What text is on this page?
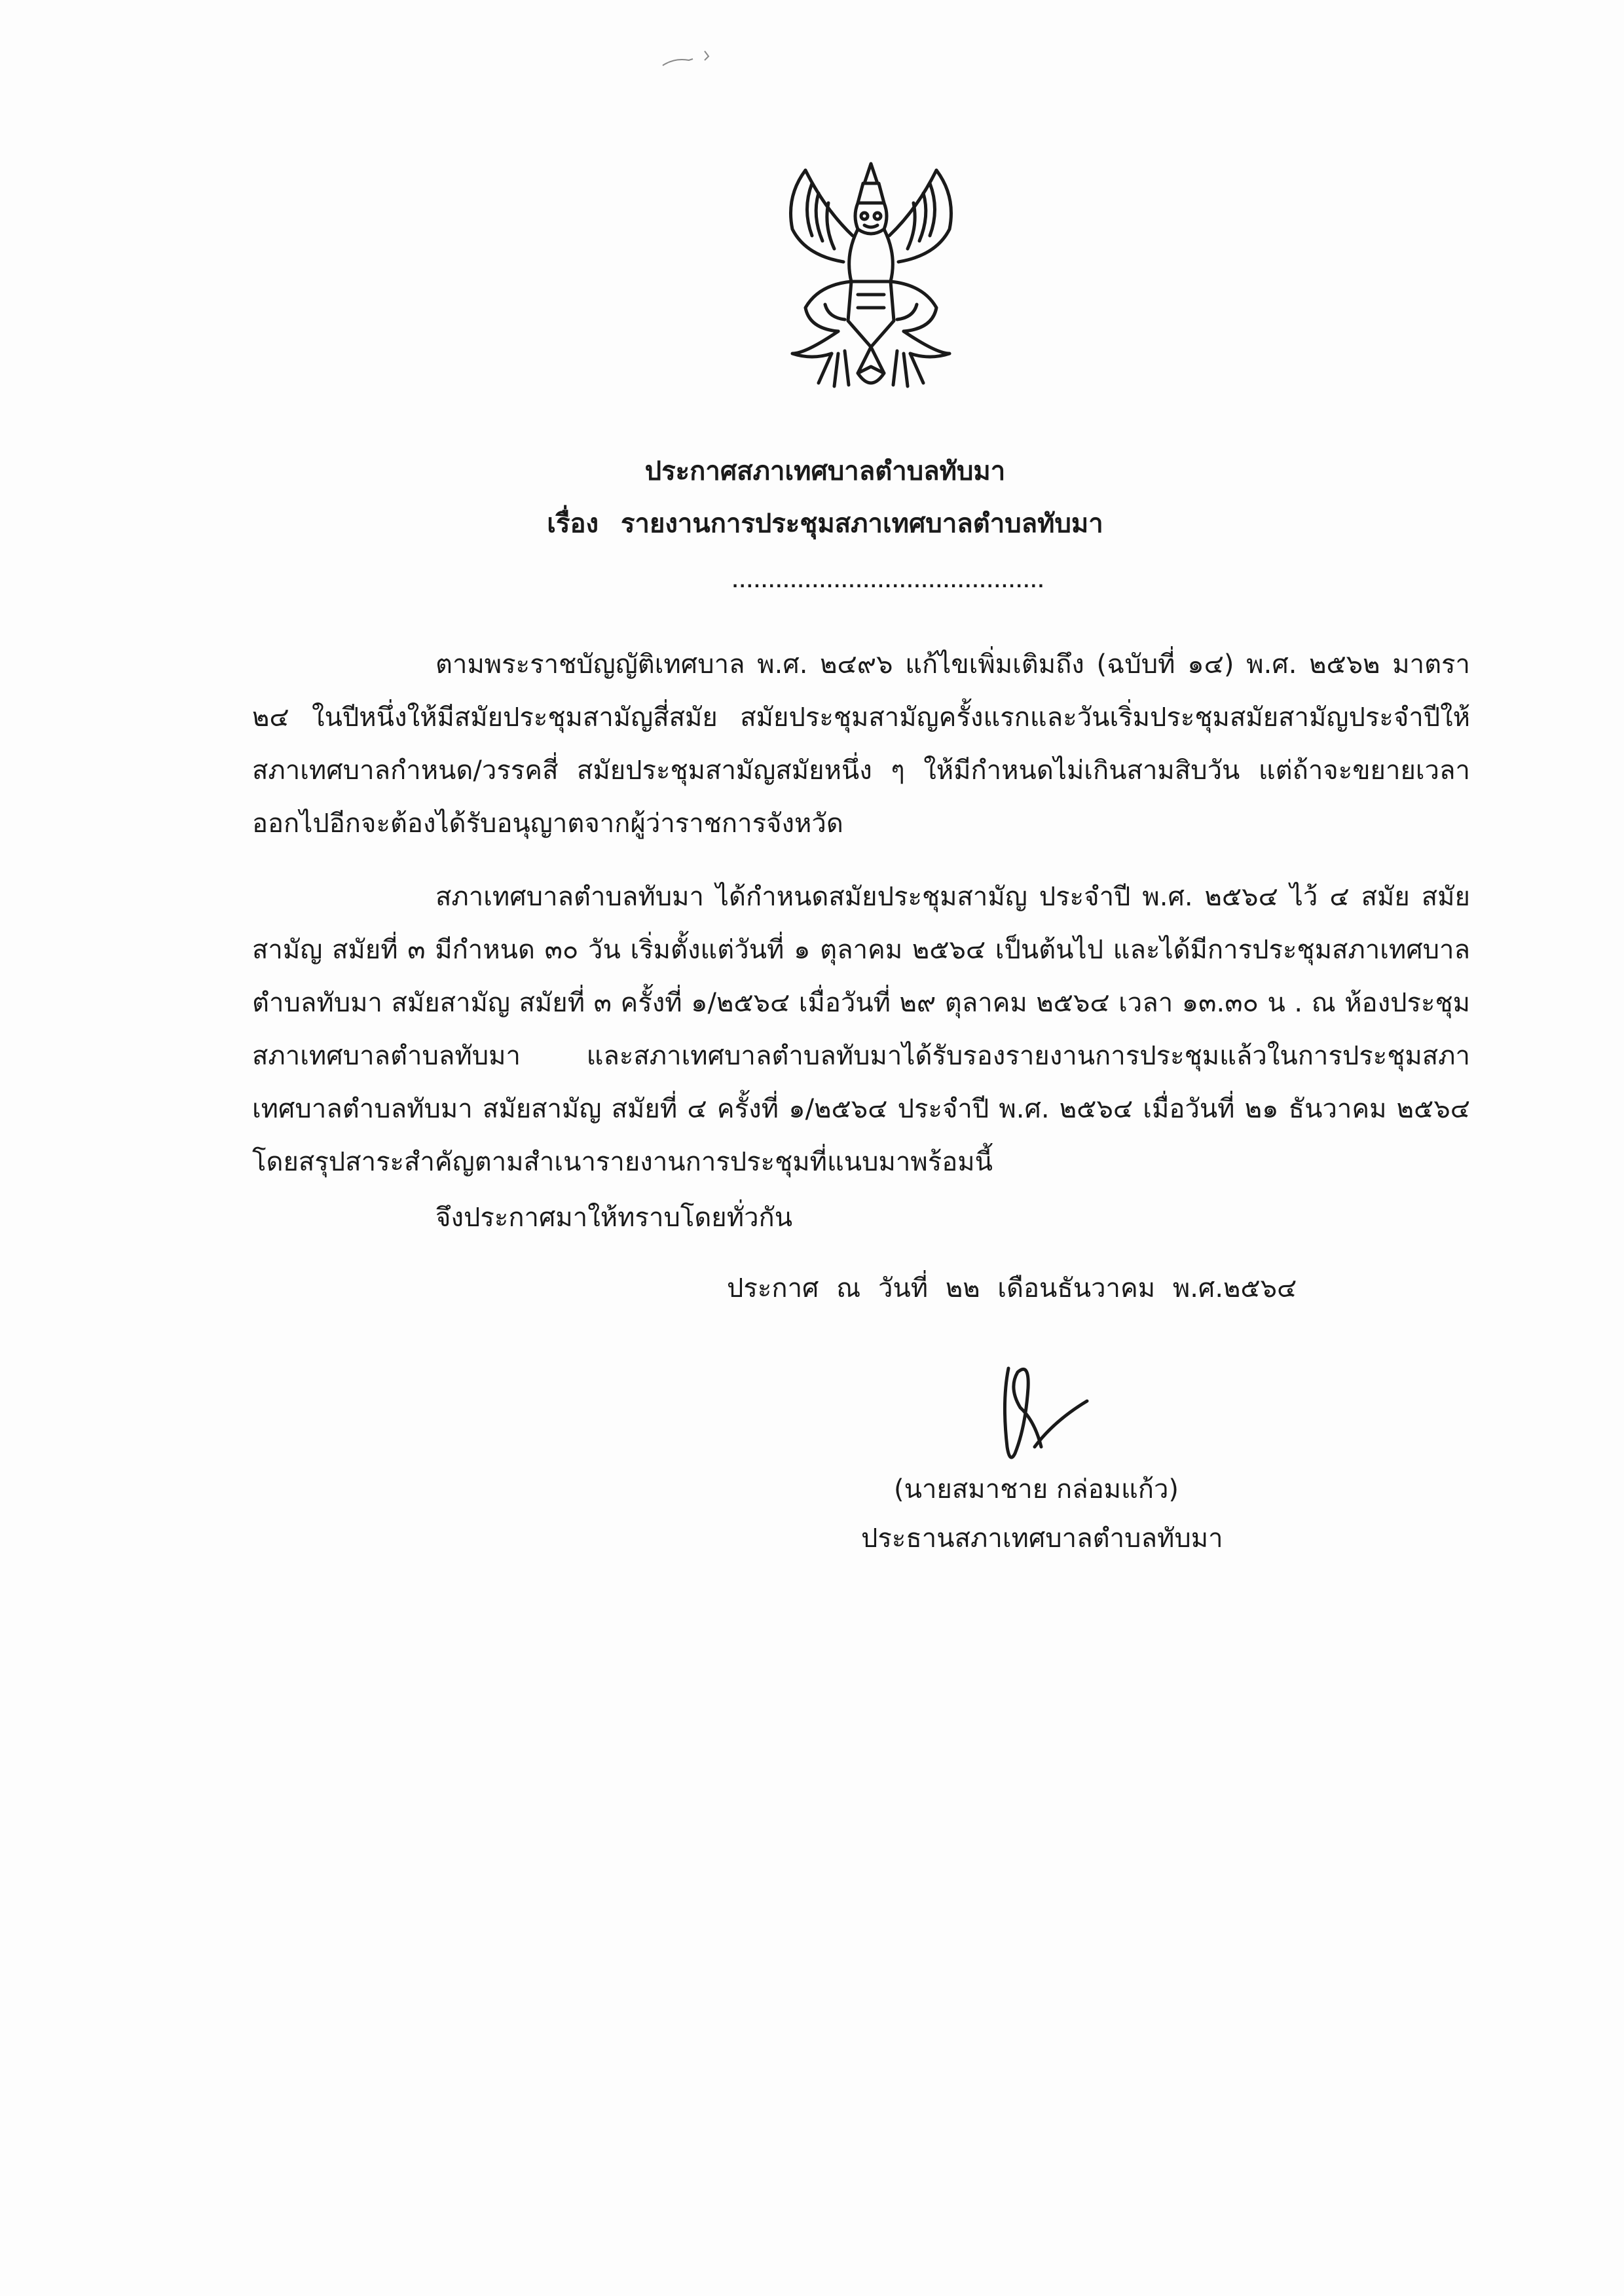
ประกาศสภาเทศบาลตำบลทับมา
เรื่อง รายงานการประชุมสภาเทศบาลตำบลทับมา
...........................................

ตามพระราชบัญญัติเทศบาล พ.ศ. ๒๔๙๖ แก้ไขเพิ่มเติมถึง (ฉบับที่ ๑๔) พ.ศ. ๒๕๖๒ มาตรา ๒๔ ในปีหนึ่งให้มีสมัยประชุมสามัญสี่สมัย สมัยประชุมสามัญครั้งแรกและวันเริ่มประชุมสมัยสามัญประจำปีให้สภาเทศบาลกำหนด/วรรคสี่ สมัยประชุมสามัญสมัยหนึ่ง ๆ ให้มีกำหนดไม่เกินสามสิบวัน แต่ถ้าจะขยายเวลาออกไปอีกจะต้องได้รับอนุญาตจากผู้ว่าราชการจังหวัด

สภาเทศบาลตำบลทับมา ได้กำหนดสมัยประชุมสามัญ ประจำปี พ.ศ. ๒๕๖๔ ไว้ ๔ สมัย สมัยสามัญ สมัยที่ ๓ มีกำหนด ๓๐ วัน เริ่มตั้งแต่วันที่ ๑ ตุลาคม ๒๕๖๔ เป็นต้นไป และได้มีการประชุมสภาเทศบาลตำบลทับมา สมัยสามัญ สมัยที่ ๓ ครั้งที่ ๑/๒๕๖๔ เมื่อวันที่ ๒๙ ตุลาคม ๒๕๖๔ เวลา ๑๓.๓๐ น . ณ ห้องประชุมสภาเทศบาลตำบลทับมา และสภาเทศบาลตำบลทับมาได้รับรองรายงานการประชุมแล้วในการประชุมสภาเทศบาลตำบลทับมา สมัยสามัญ สมัยที่ ๔ ครั้งที่ ๑/๒๕๖๔ ประจำปี พ.ศ. ๒๕๖๔ เมื่อวันที่ ๒๑ ธันวาคม ๒๕๖๔ โดยสรุปสาระสำคัญตามสำเนารายงานการประชุมที่แนบมาพร้อมนี้

จึงประกาศมาให้ทราบโดยทั่วกัน

ประกาศ ณ วันที่ ๒๒ เดือนธันวาคม พ.ศ.๒๕๖๔
(นายสมาชาย กล่อมแก้ว)
ประธานสภาเทศบาลตำบลทับมา
